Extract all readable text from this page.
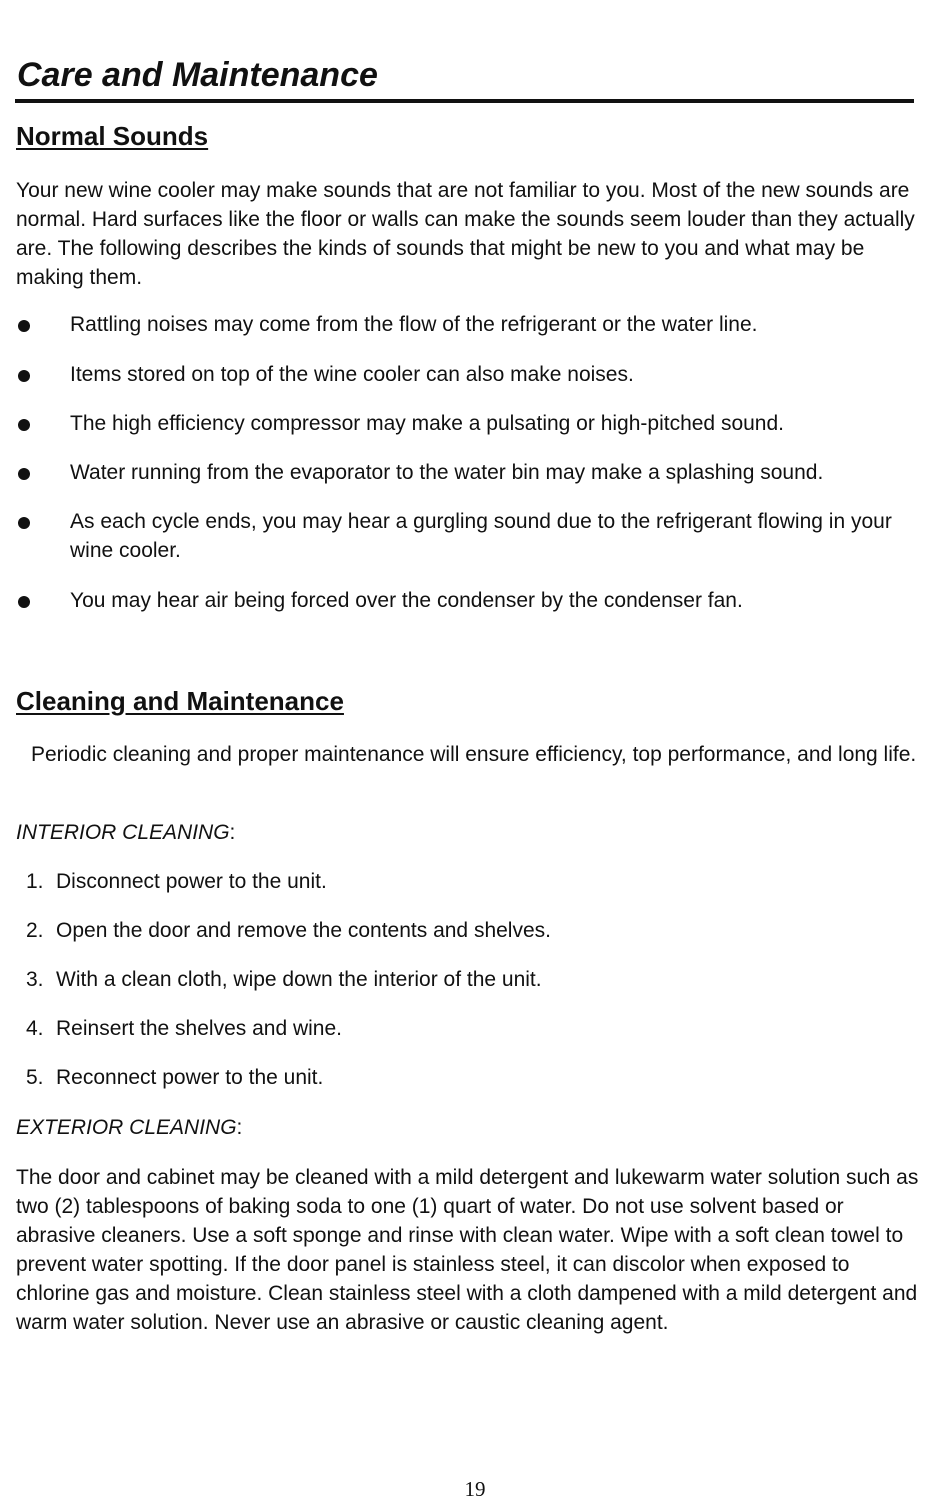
Care and Maintenance
Normal Sounds

Your new wine cooler may make sounds that are not familiar to you. Most of the new sounds are normal. Hard surfaces like the floor or walls can make the sounds seem louder than they actually are. The following describes the kinds of sounds that might be new to you and what may be making them.

Rattling noises may come from the flow of the refrigerant or the water line.
Items stored on top of the wine cooler can also make noises.
The high efficiency compressor may make a pulsating or high-pitched sound.
Water running from the evaporator to the water bin may make a splashing sound.
As each cycle ends, you may hear a gurgling sound due to the refrigerant flowing in your wine cooler.
You may hear air being forced over the condenser by the condenser fan.
Cleaning and Maintenance

Periodic cleaning and proper maintenance will ensure efficiency, top performance, and long life.

INTERIOR CLEANING:

1. Disconnect power to the unit.
2. Open the door and remove the contents and shelves.
3. With a clean cloth, wipe down the interior of the unit.
4. Reinsert the shelves and wine.
5. Reconnect power to the unit.

EXTERIOR CLEANING:

The door and cabinet may be cleaned with a mild detergent and lukewarm water solution such as two (2) tablespoons of baking soda to one (1) quart of water. Do not use solvent based or abrasive cleaners. Use a soft sponge and rinse with clean water. Wipe with a soft clean towel to prevent water spotting. If the door panel is stainless steel, it can discolor when exposed to chlorine gas and moisture. Clean stainless steel with a cloth dampened with a mild detergent and warm water solution. Never use an abrasive or caustic cleaning agent.

19
